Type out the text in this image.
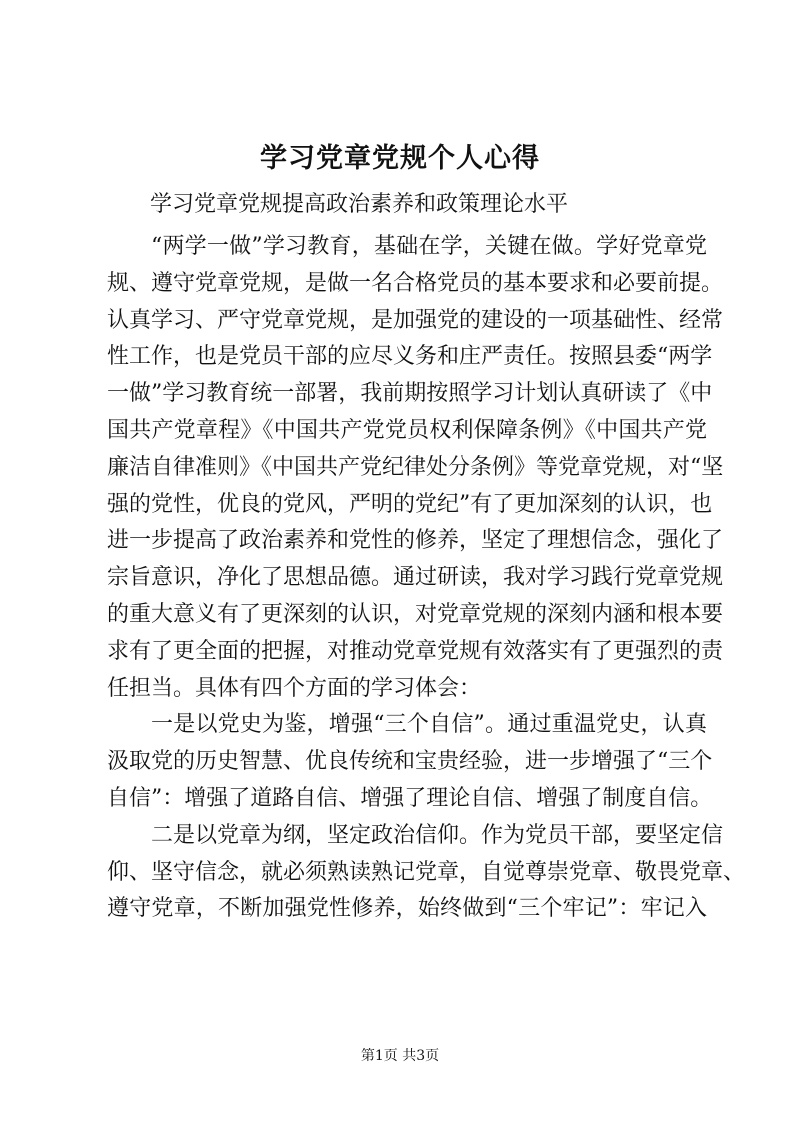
学习党章党规个人心得

学习党章党规提高政治素养和政策理论水平

“两学一做”学习教育，基础在学，关键在做。学好党章党
规、遵守党章党规，是做一名合格党员的基本要求和必要前提。
认真学习、严守党章党规，是加强党的建设的一项基础性、经常
性工作，也是党员干部的应尽义务和庄严责任。按照县委“两学
一做”学习教育统一部署，我前期按照学习计划认真研读了《中
国共产党章程》《中国共产党党员权利保障条例》《中国共产党
廉洁自律准则》《中国共产党纪律处分条例》等党章党规，对“坚
强的党性，优良的党风，严明的党纪”有了更加深刻的认识，也
进一步提高了政治素养和党性的修养，坚定了理想信念，强化了
宗旨意识，净化了思想品德。通过研读，我对学习践行党章党规
的重大意义有了更深刻的认识，对党章党规的深刻内涵和根本要
求有了更全面的把握，对推动党章党规有效落实有了更强烈的责
任担当。具体有四个方面的学习体会：
一是以党史为鉴，增强“三个自信”。通过重温党史，认真
汲取党的历史智慧、优良传统和宝贵经验，进一步增强了“三个
自信”：增强了道路自信、增强了理论自信、增强了制度自信。
二是以党章为纲，坚定政治信仰。作为党员干部，要坚定信
仰、坚守信念，就必须熟读熟记党章，自觉尊崇党章、敬畏党章、
遵守党章，不断加强党性修养，始终做到“三个牢记”：牢记入
第1页 共3页
